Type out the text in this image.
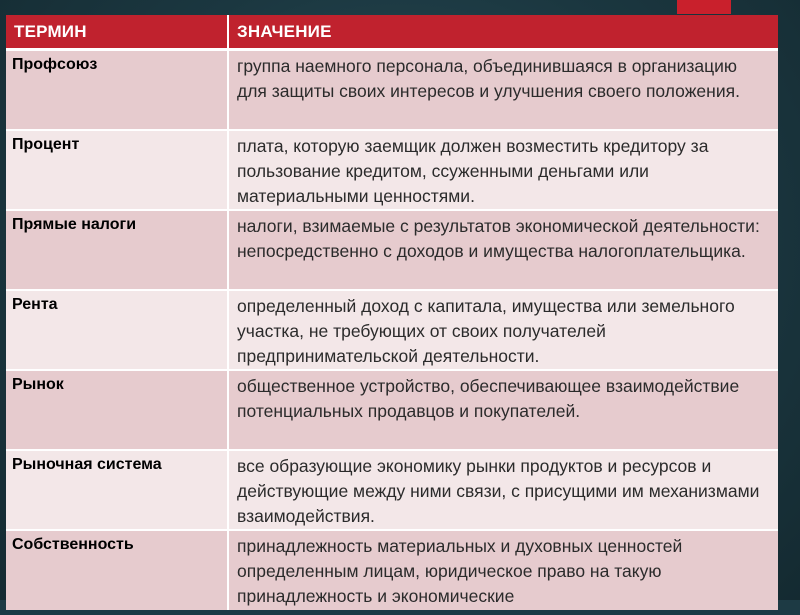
ТЕРМИН	ЗНАЧЕНИЕ
Профсоюз	группа наемного персонала, объединившаяся в организацию для защиты своих интересов и улучшения своего положения.
Процент	плата, которую заемщик должен возместить кредитору за пользование кредитом, ссуженными деньгами или материальными ценностями.
Прямые налоги	налоги, взимаемые с результатов экономической деятельности: непосредственно с доходов и имущества налогоплательщика.
Рента	определенный доход с капитала, имущества или земельного участка, не требующих от своих получателей предпринимательской деятельности.
Рынок	общественное устройство, обеспечивающее взаимодействие потенциальных продавцов и покупателей.
Рыночная система	все образующие экономику рынки продуктов и ресурсов и действующие между ними связи, с присущими им механизмами взаимодействия.
Собственность	принадлежность материальных и духовных ценностей определенным лицам, юридическое право на такую принадлежность и экономические
